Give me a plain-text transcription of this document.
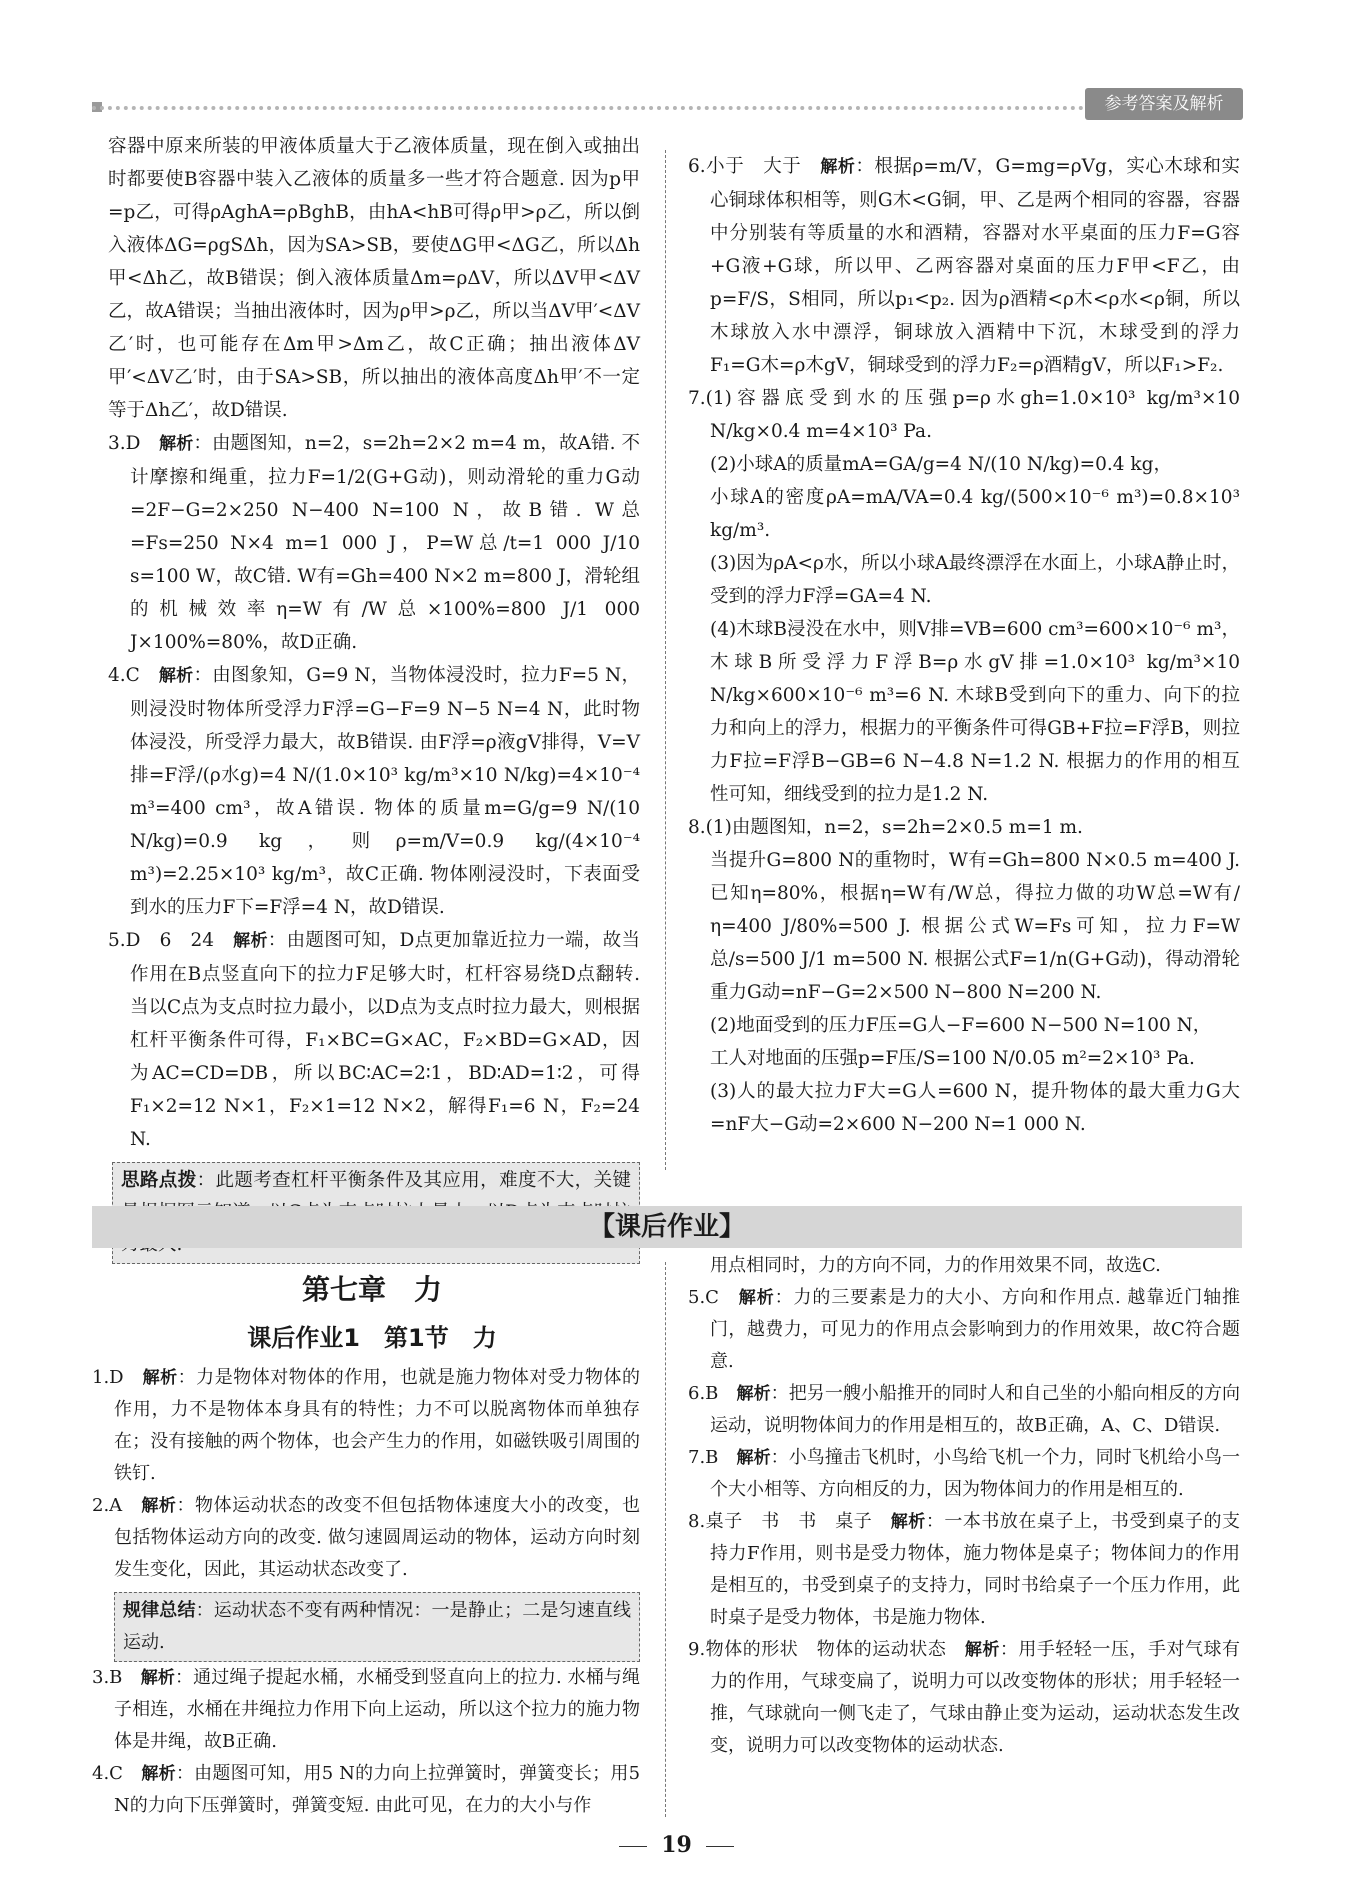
参考答案及解析

容器中原来所装的甲液体质量大于乙液体质量，现在倒入或抽出时都要使B容器中装入乙液体的质量多一些才符合题意. 因为p甲=p乙，可得ρAghA=ρBghB，由hA<hB可得ρ甲>ρ乙，所以倒入液体ΔG=ρgSΔh，因为SA>SB，要使ΔG甲<ΔG乙，所以Δh甲<Δh乙，故B错误；倒入液体质量Δm=ρΔV，所以ΔV甲<ΔV乙，故A错误；当抽出液体时，因为ρ甲>ρ乙，所以当ΔV甲′<ΔV乙′时，也可能存在Δm甲>Δm乙，故C正确；抽出液体ΔV甲′<ΔV乙′时，由于SA>SB，所以抽出的液体高度Δh甲′不一定等于Δh乙′，故D错误.

3.D　 解析：由题图知，n=2，s=2h=2×2 m=4 m，故A错. 不计摩擦和绳重，拉力F=1/2(G+G动)，则动滑轮的重力G动=2F−G=2×250 N−400 N=100 N，故B错. W总=Fs=250 N×4 m=1 000 J，P=W总/t=1 000 J/10 s=100 W，故C错. W有=Gh=400 N×2 m=800 J，滑轮组的机械效率η=W有/W总×100%=800 J/1 000 J×100%=80%，故D正确.

4.C　 解析：由图象知，G=9 N，当物体浸没时，拉力F=5 N，则浸没时物体所受浮力F浮=G−F=9 N−5 N=4 N，此时物体浸没，所受浮力最大，故B错误. 由F浮=ρ液gV排得，V=V排=F浮/(ρ水g)=4 N/(1.0×10³ kg/m³×10 N/kg)=4×10⁻⁴ m³=400 cm³，故A错误. 物体的质量m=G/g=9 N/(10 N/kg)=0.9 kg，则ρ=m/V=0.9 kg/(4×10⁻⁴ m³)=2.25×10³ kg/m³，故C正确. 物体刚浸没时，下表面受到水的压力F下=F浮=4 N，故D错误.

5.D　6　24　 解析：由题图可知，D点更加靠近拉力一端，故当作用在B点竖直向下的拉力F足够大时，杠杆容易绕D点翻转. 当以C点为支点时拉力最小，以D点为支点时拉力最大，则根据杠杆平衡条件可得，F₁×BC=G×AC，F₂×BD=G×AD，因为AC=CD=DB，所以BC∶AC=2∶1，BD∶AD=1∶2，可得F₁×2=12 N×1，F₂×1=12 N×2，解得F₁=6 N，F₂=24 N.

思路点拨：此题考查杠杆平衡条件及其应用，难度不大，关键

6.小于　大于　 解析：根据ρ=m/V，G=mg=ρVg，实心木球和实心铜球体积相等，则G木<G铜，甲、乙是两个相同的容器，容器中分别装有等质量的水和酒精，容器对水平桌面的压力F=G容+G液+G球，所以甲、乙两容器对桌面的压力F甲<F乙，由p=F/S，S相同，所以p₁<p₂. 因为ρ酒精<ρ木<ρ水<ρ铜，所以木球放入水中漂浮，铜球放入酒精中下沉，木球受到的浮力F₁=G木=ρ木gV，铜球受到的浮力F₂=ρ酒精gV，所以F₁>F₂.

7.(1)容器底受到水的压强p=ρ水gh=1.0×10³ kg/m³×10 N/kg×0.4 m=4×10³ Pa.

(2)小球A的质量mA=GA/g=4 N/(10 N/kg)=0.4 kg，

小球A的密度ρA=mA/VA=0.4 kg/(500×10⁻⁶ m³)=0.8×10³ kg/m³.

(3)因为ρA<ρ水，所以小球A最终漂浮在水面上，小球A静止时，受到的浮力F浮=GA=4 N.

(4)木球B浸没在水中，则V排=VB=600 cm³=600×10⁻⁶ m³，木球B所受浮力F浮B=ρ水gV排=1.0×10³ kg/m³×10 N/kg×600×10⁻⁶ m³=6 N. 木球B受到向下的重力、向下的拉力和向上的浮力，根据力的平衡条件可得GB+F拉=F浮B，则拉力F拉=F浮B−GB=6 N−4.8 N=1.2 N. 根据力的作用的相互性可知，细线受到的拉力是1.2 N.

8.(1)由题图知，n=2，s=2h=2×0.5 m=1 m.

当提升G=800 N的重物时，W有=Gh=800 N×0.5 m=400 J. 已知η=80%，根据η=W有/W总，得拉力做的功W总=W有/η=400 J/80%=500 J. 根据公式W=Fs可知，拉力F=W总/s=500 J/1 m=500 N. 根据公式F=1/n(G+G动)，得动滑轮重力G动=nF−G=2×500 N−800 N=200 N.

(2)地面受到的压力F压=G人−F=600 N−500 N=100 N，

工人对地面的压强p=F压/S=100 N/0.05 m²=2×10³ Pa.

(3)人的最大拉力F大=G人=600 N，提升物体的最大重力G大=nF大−G动=2×600 N−200 N=1 000 N.

【课后作业】
第七章　力
课后作业1　第1节　力

1.D　 解析：力是物体对物体的作用，也就是施力物体对受力物体的作用，力不是物体本身具有的特性；力不可以脱离物体而单独存在；没有接触的两个物体，也会产生力的作用，如磁铁吸引周围的铁钉.

2.A　 解析：物体运动状态的改变不但包括物体速度大小的改变，也包括物体运动方向的改变. 做匀速圆周运动的物体，运动方向时刻发生变化，因此，其运动状态改变了.

规律总结：运动状态不变有两种情况：一是静止；二是匀速直线运动.

3.B　 解析：通过绳子提起水桶，水桶受到竖直向上的拉力. 水桶与绳子相连，水桶在井绳拉力作用下向上运动，所以这个拉力的施力物体是井绳，故B正确.

4.C　 解析：由题图可知，用5 N的力向上拉弹簧时，弹簧变长；用5 N的力向下压弹簧时，弹簧变短. 由此可见，在力的大小与作

用点相同时，力的方向不同，力的作用效果不同，故选C.

5.C　 解析：力的三要素是力的大小、方向和作用点. 越靠近门轴推门，越费力，可见力的作用点会影响到力的作用效果，故C符合题意.

6.B　 解析：把另一艘小船推开的同时人和自己坐的小船向相反的方向运动，说明物体间力的作用是相互的，故B正确，A、C、D错误.

7.B　 解析：小鸟撞击飞机时，小鸟给飞机一个力，同时飞机给小鸟一个大小相等、方向相反的力，因为物体间力的作用是相互的.

8.桌子　书　书　桌子　 解析：一本书放在桌子上，书受到桌子的支持力F作用，则书是受力物体，施力物体是桌子；物体间力的作用是相互的，书受到桌子的支持力，同时书给桌子一个压力作用，此时桌子是受力物体，书是施力物体.

9.物体的形状　物体的运动状态　 解析：用手轻轻一压，手对气球有力的作用，气球变扁了，说明力可以改变物体的形状；用手轻轻一推，气球就向一侧飞走了，气球由静止变为运动，运动状态发生改变，说明力可以改变物体的运动状态.

19
